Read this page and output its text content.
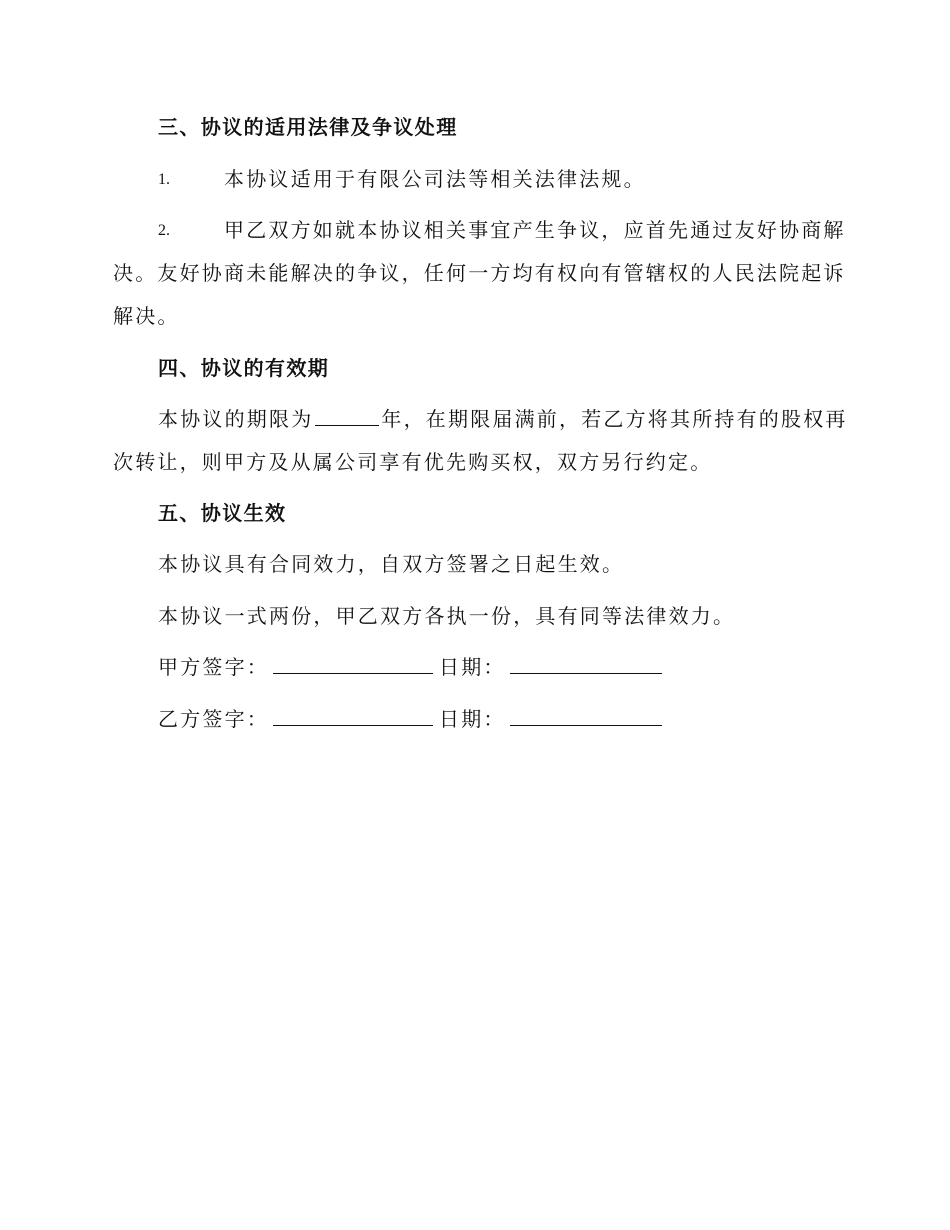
三、协议的适用法律及争议处理
1.	本协议适用于有限公司法等相关法律法规。
2.	甲乙双方如就本协议相关事宜产生争议，应首先通过友好协商解
决。友好协商未能解决的争议，任何一方均有权向有管辖权的人民法院起诉
解决。
四、协议的有效期
本协议的期限为	年，在期限届满前，若乙方将其所持有的股权再
次转让，则甲方及从属公司享有优先购买权，双方另行约定。
五、协议生效
本协议具有合同效力，自双方签署之日起生效。
本协议一式两份，甲乙双方各执一份，具有同等法律效力。
甲方签字：	日期：
乙方签字：	日期：
